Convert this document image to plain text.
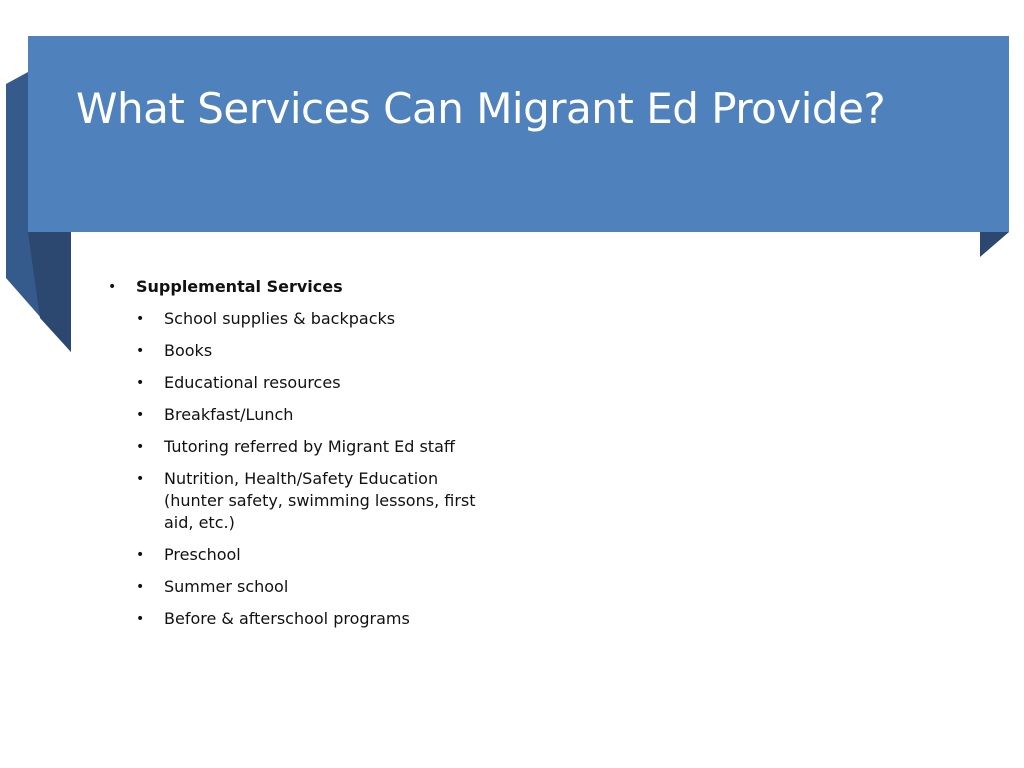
What Services Can Migrant Ed Provide?
•	Supplemental Services
•	School supplies & backpacks
•	Books
•	Educational resources
•	Breakfast/Lunch
•	Tutoring referred by Migrant Ed staff
•	Nutrition, Health/Safety Education (hunter safety, swimming lessons, first aid, etc.)
•	Preschool
•	Summer school
•	Before & afterschool programs
